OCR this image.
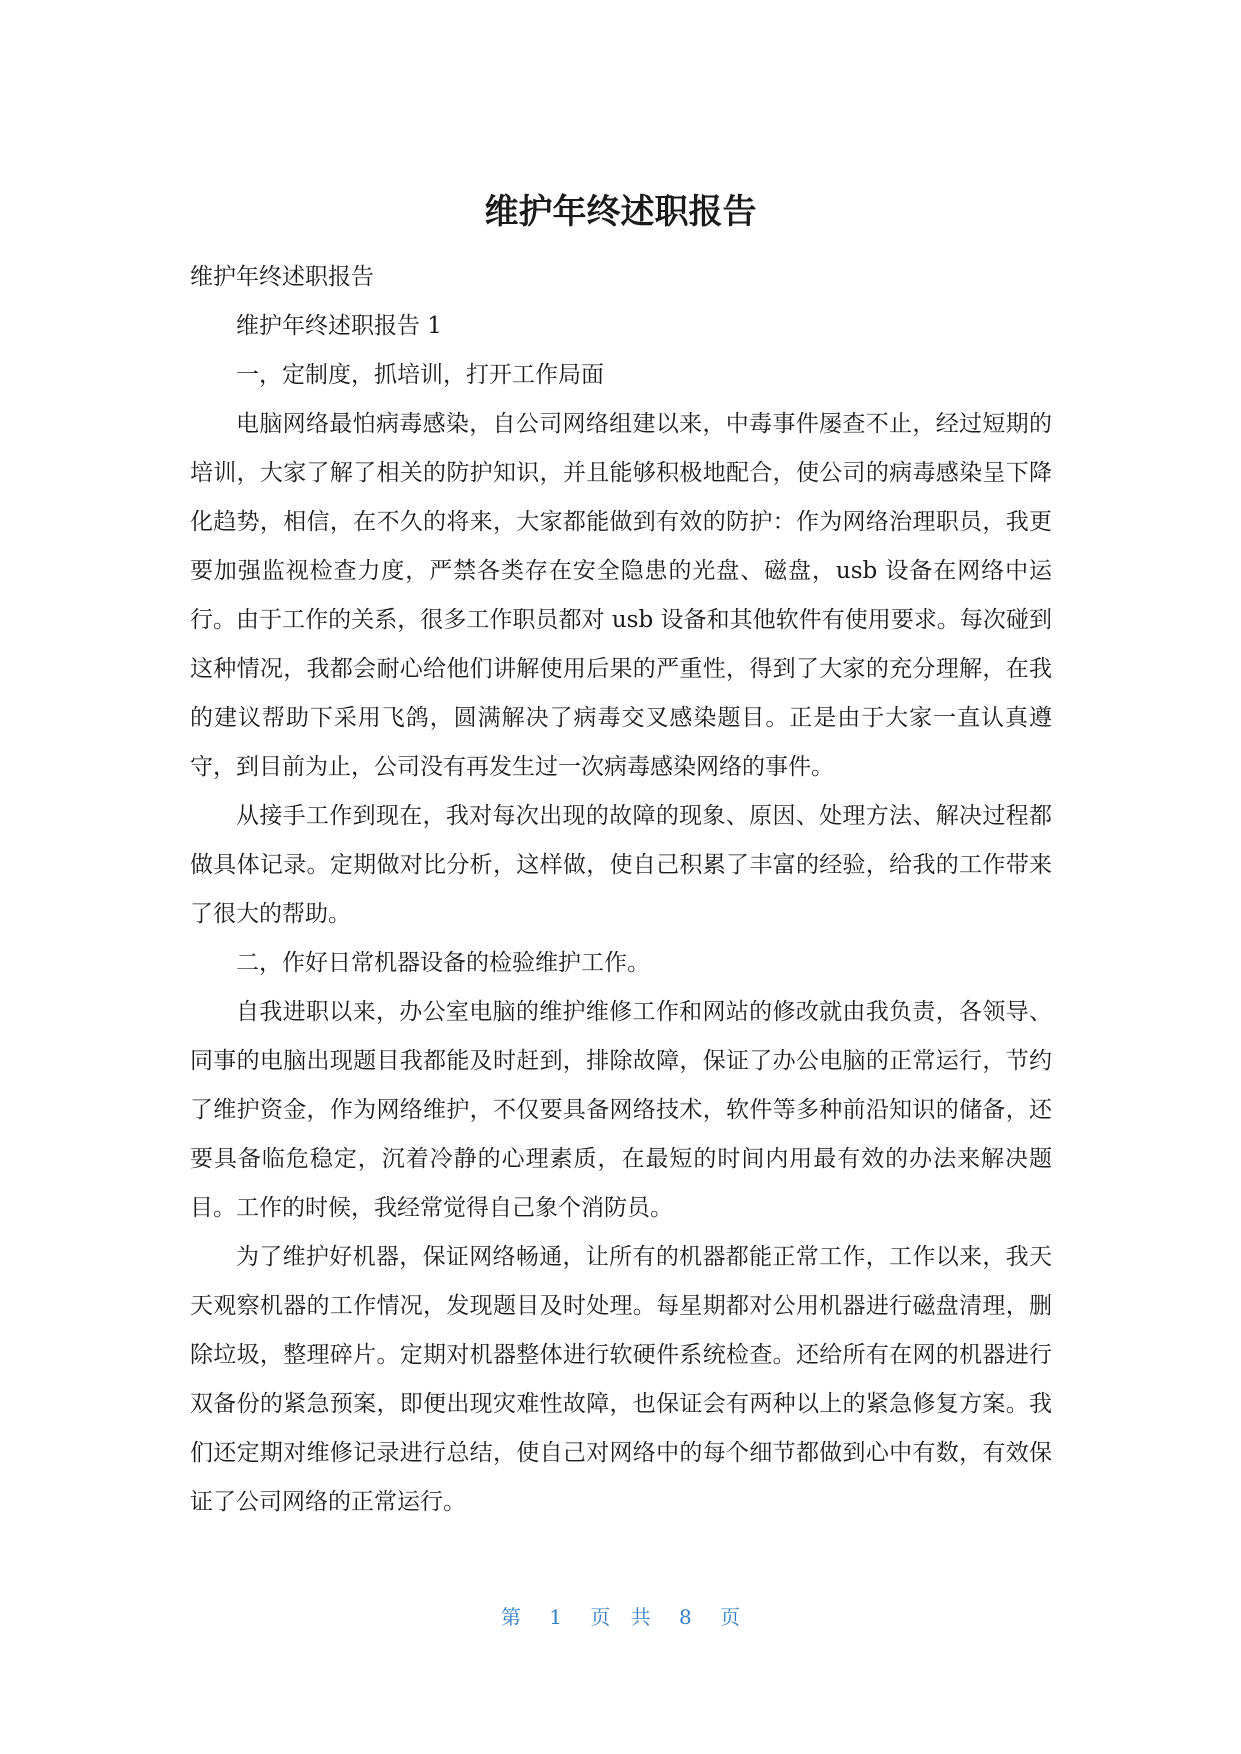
维护年终述职报告

维护年终述职报告

维护年终述职报告 1

一，定制度，抓培训，打开工作局面

电脑网络最怕病毒感染，自公司网络组建以来，中毒事件屡查不止，经过短期的培训，大家了解了相关的防护知识，并且能够积极地配合，使公司的病毒感染呈下降化趋势，相信，在不久的将来，大家都能做到有效的防护：作为网络治理职员，我更要加强监视检查力度，严禁各类存在安全隐患的光盘、磁盘，usb 设备在网络中运行。由于工作的关系，很多工作职员都对 usb 设备和其他软件有使用要求。每次碰到这种情况，我都会耐心给他们讲解使用后果的严重性，得到了大家的充分理解，在我的建议帮助下采用飞鸽，圆满解决了病毒交叉感染题目。正是由于大家一直认真遵守，到目前为止，公司没有再发生过一次病毒感染网络的事件。

从接手工作到现在，我对每次出现的故障的现象、原因、处理方法、解决过程都做具体记录。定期做对比分析，这样做，使自己积累了丰富的经验，给我的工作带来了很大的帮助。

二，作好日常机器设备的检验维护工作。

自我进职以来，办公室电脑的维护维修工作和网站的修改就由我负责，各领导、同事的电脑出现题目我都能及时赶到，排除故障，保证了办公电脑的正常运行，节约了维护资金，作为网络维护，不仅要具备网络技术，软件等多种前沿知识的储备，还要具备临危稳定，沉着冷静的心理素质，在最短的时间内用最有效的办法来解决题目。工作的时候，我经常觉得自己象个消防员。

为了维护好机器，保证网络畅通，让所有的机器都能正常工作，工作以来，我天天观察机器的工作情况，发现题目及时处理。每星期都对公用机器进行磁盘清理，删除垃圾，整理碎片。定期对机器整体进行软硬件系统检查。还给所有在网的机器进行双备份的紧急预案，即便出现灾难性故障，也保证会有两种以上的紧急修复方案。我们还定期对维修记录进行总结，使自己对网络中的每个细节都做到心中有数，有效保证了公司网络的正常运行。

第 1 页 共 8 页
